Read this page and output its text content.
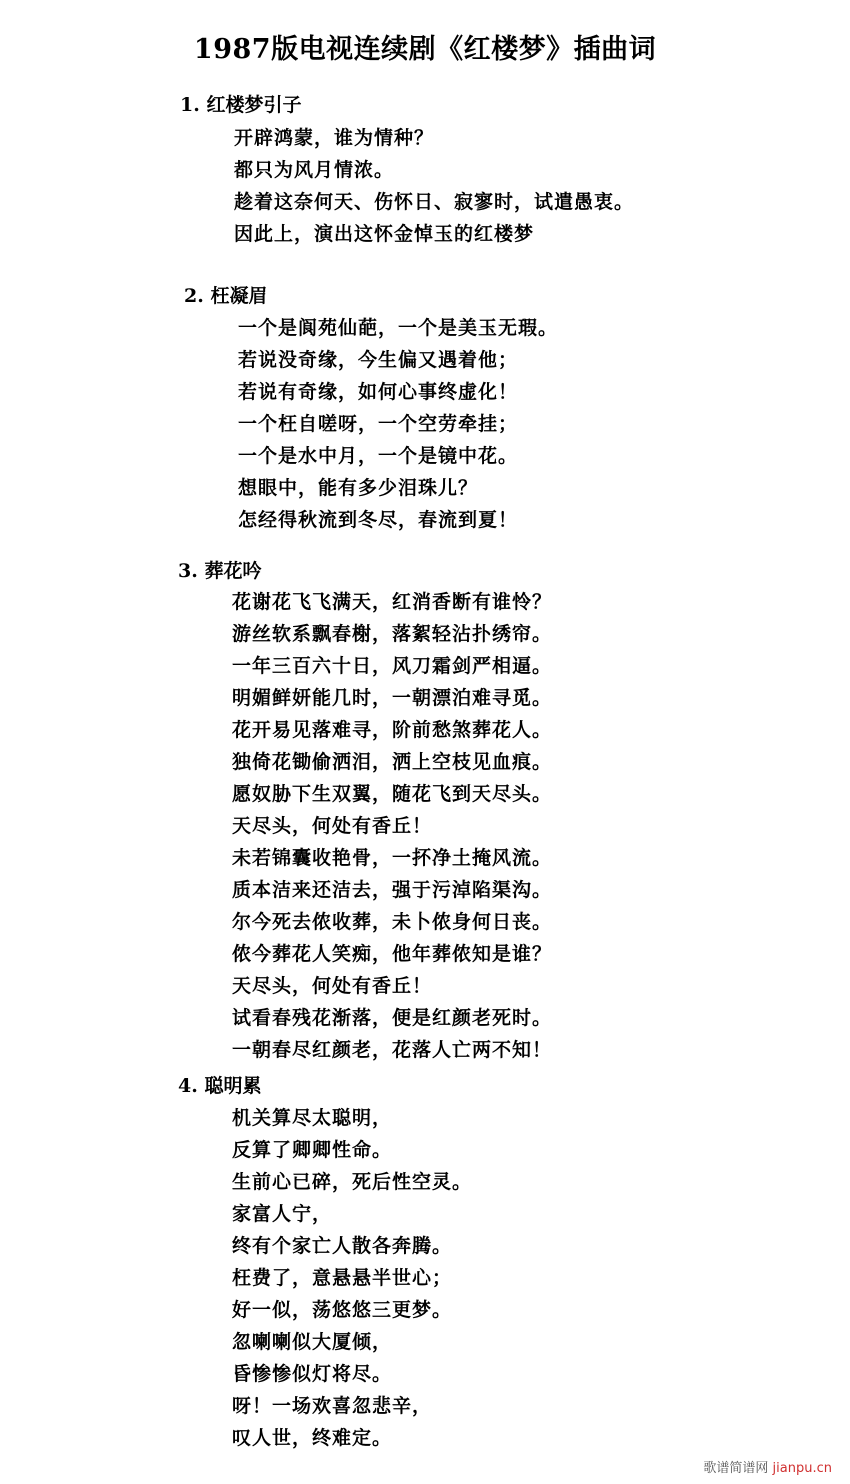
1987版电视连续剧《红楼梦》插曲词
1. 红楼梦引子
开辟鸿蒙，谁为情种？
都只为风月情浓。
趁着这奈何天、伤怀日、寂寥时，试遣愚衷。
因此上，演出这怀金悼玉的红楼梦
2. 枉凝眉
一个是阆苑仙葩，一个是美玉无瑕。
若说没奇缘，今生偏又遇着他；
若说有奇缘，如何心事终虚化！
一个枉自嗟呀，一个空劳牵挂；
一个是水中月，一个是镜中花。
想眼中，能有多少泪珠儿？
怎经得秋流到冬尽，春流到夏！
3. 葬花吟
花谢花飞飞满天，红消香断有谁怜？
游丝软系飘春榭，落絮轻沾扑绣帘。
一年三百六十日，风刀霜剑严相逼。
明媚鲜妍能几时，一朝漂泊难寻觅。
花开易见落难寻，阶前愁煞葬花人。
独倚花锄偷洒泪，洒上空枝见血痕。
愿奴胁下生双翼，随花飞到天尽头。
天尽头，何处有香丘！
未若锦囊收艳骨，一抔净土掩风流。
质本洁来还洁去，强于污淖陷渠沟。
尔今死去侬收葬，未卜侬身何日丧。
侬今葬花人笑痴，他年葬侬知是谁？
天尽头，何处有香丘！
试看春残花渐落，便是红颜老死时。
一朝春尽红颜老，花落人亡两不知！
4. 聪明累
机关算尽太聪明，
反算了卿卿性命。
生前心已碎，死后性空灵。
家富人宁，
终有个家亡人散各奔腾。
枉费了，意悬悬半世心；
好一似，荡悠悠三更梦。
忽喇喇似大厦倾，
昏惨惨似灯将尽。
呀！一场欢喜忽悲辛，
叹人世，终难定。
歌谱简谱网 jianpu.cn
